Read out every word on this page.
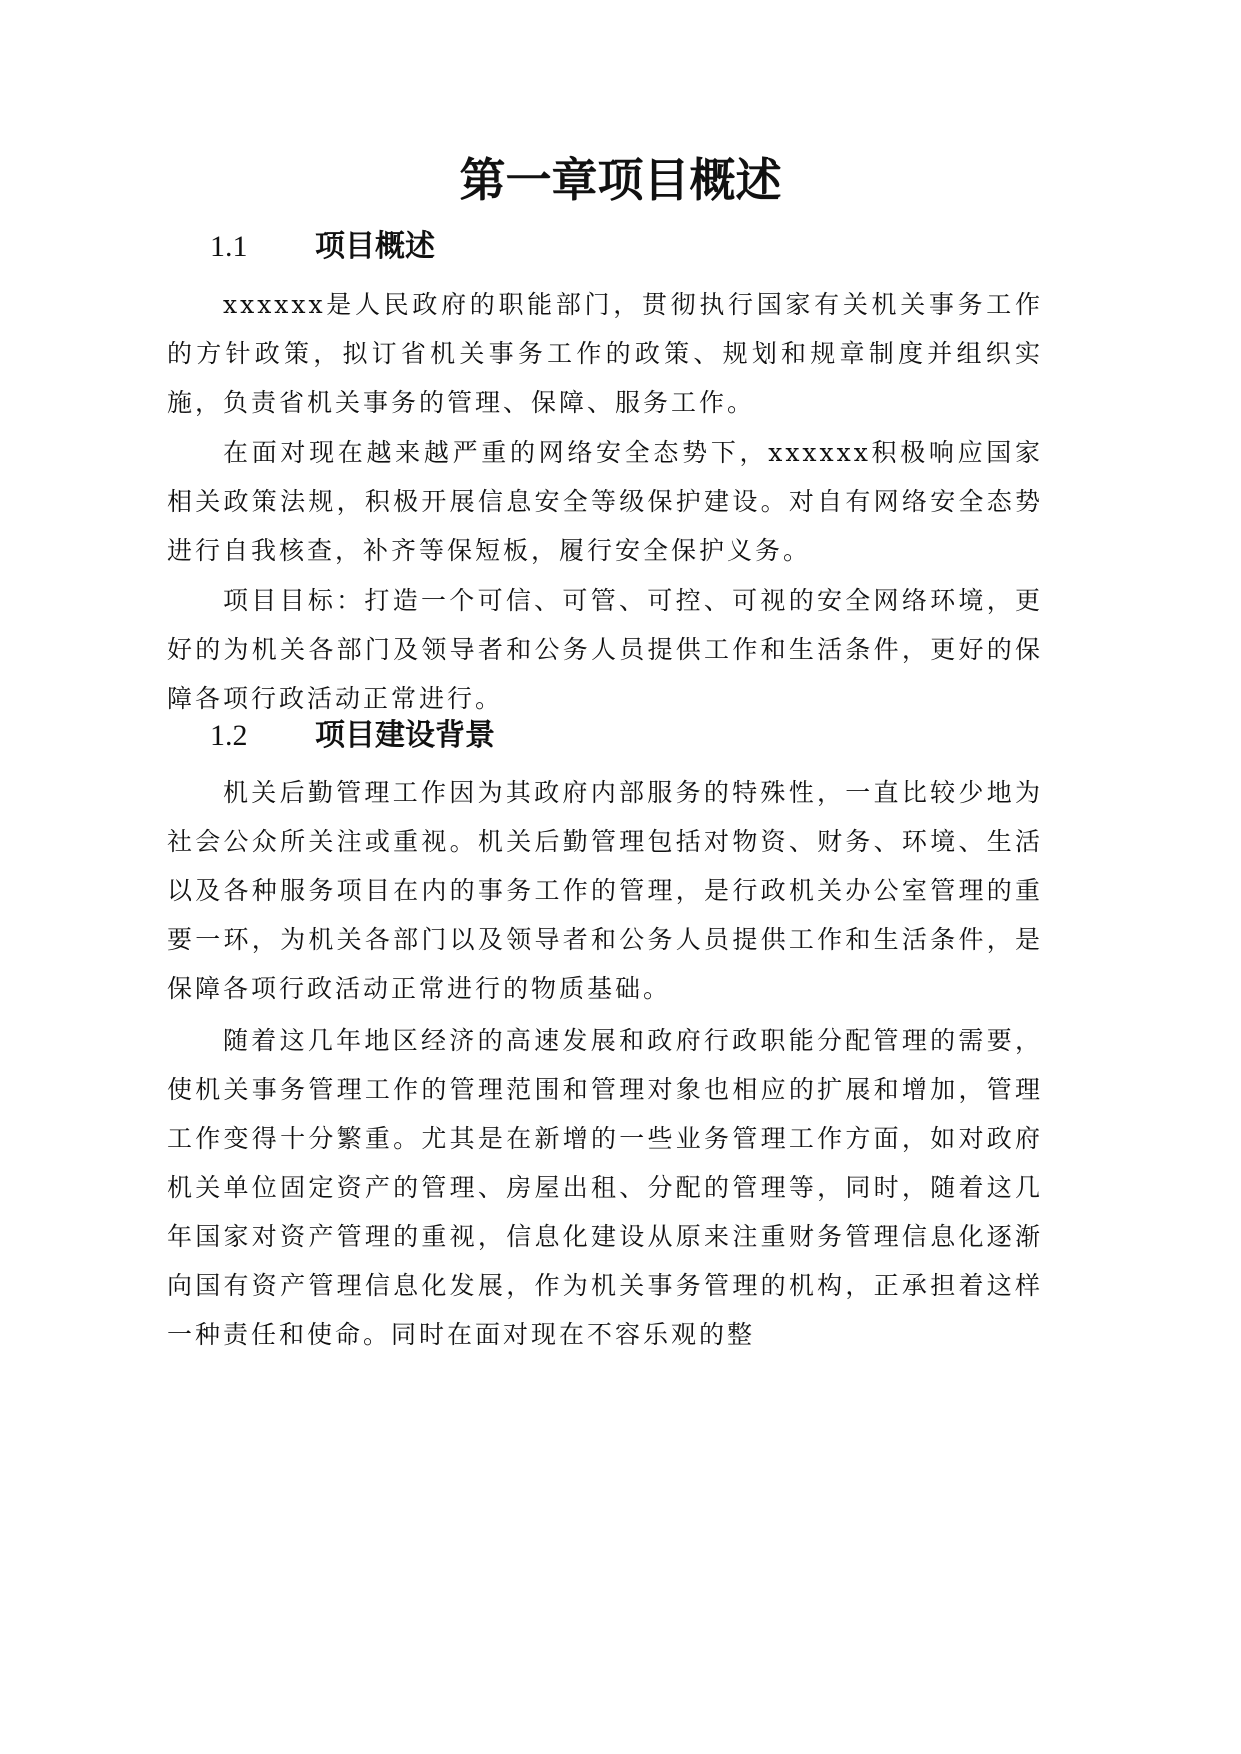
第一章项目概述
1.1 项目概述

xxxxxx是人民政府的职能部门，贯彻执行国家有关机关事务工作的方针政策，拟订省机关事务工作的政策、规划和规章制度并组织实施，负责省机关事务的管理、保障、服务工作。

在面对现在越来越严重的网络安全态势下，xxxxxx积极响应国家相关政策法规，积极开展信息安全等级保护建设。对自有网络安全态势进行自我核查，补齐等保短板，履行安全保护义务。

项目目标：打造一个可信、可管、可控、可视的安全网络环境，更好的为机关各部门及领导者和公务人员提供工作和生活条件，更好的保障各项行政活动正常进行。

1.2 项目建设背景

机关后勤管理工作因为其政府内部服务的特殊性，一直比较少地为社会公众所关注或重视。机关后勤管理包括对物资、财务、环境、生活以及各种服务项目在内的事务工作的管理，是行政机关办公室管理的重要一环，为机关各部门以及领导者和公务人员提供工作和生活条件，是保障各项行政活动正常进行的物质基础。

随着这几年地区经济的高速发展和政府行政职能分配管理的需要，使机关事务管理工作的管理范围和管理对象也相应的扩展和增加，管理工作变得十分繁重。尤其是在新增的一些业务管理工作方面，如对政府机关单位固定资产的管理、房屋出租、分配的管理等，同时，随着这几年国家对资产管理的重视，信息化建设从原来注重财务管理信息化逐渐向国有资产管理信息化发展，作为机关事务管理的机构，正承担着这样一种责任和使命。同时在面对现在不容乐观的整
